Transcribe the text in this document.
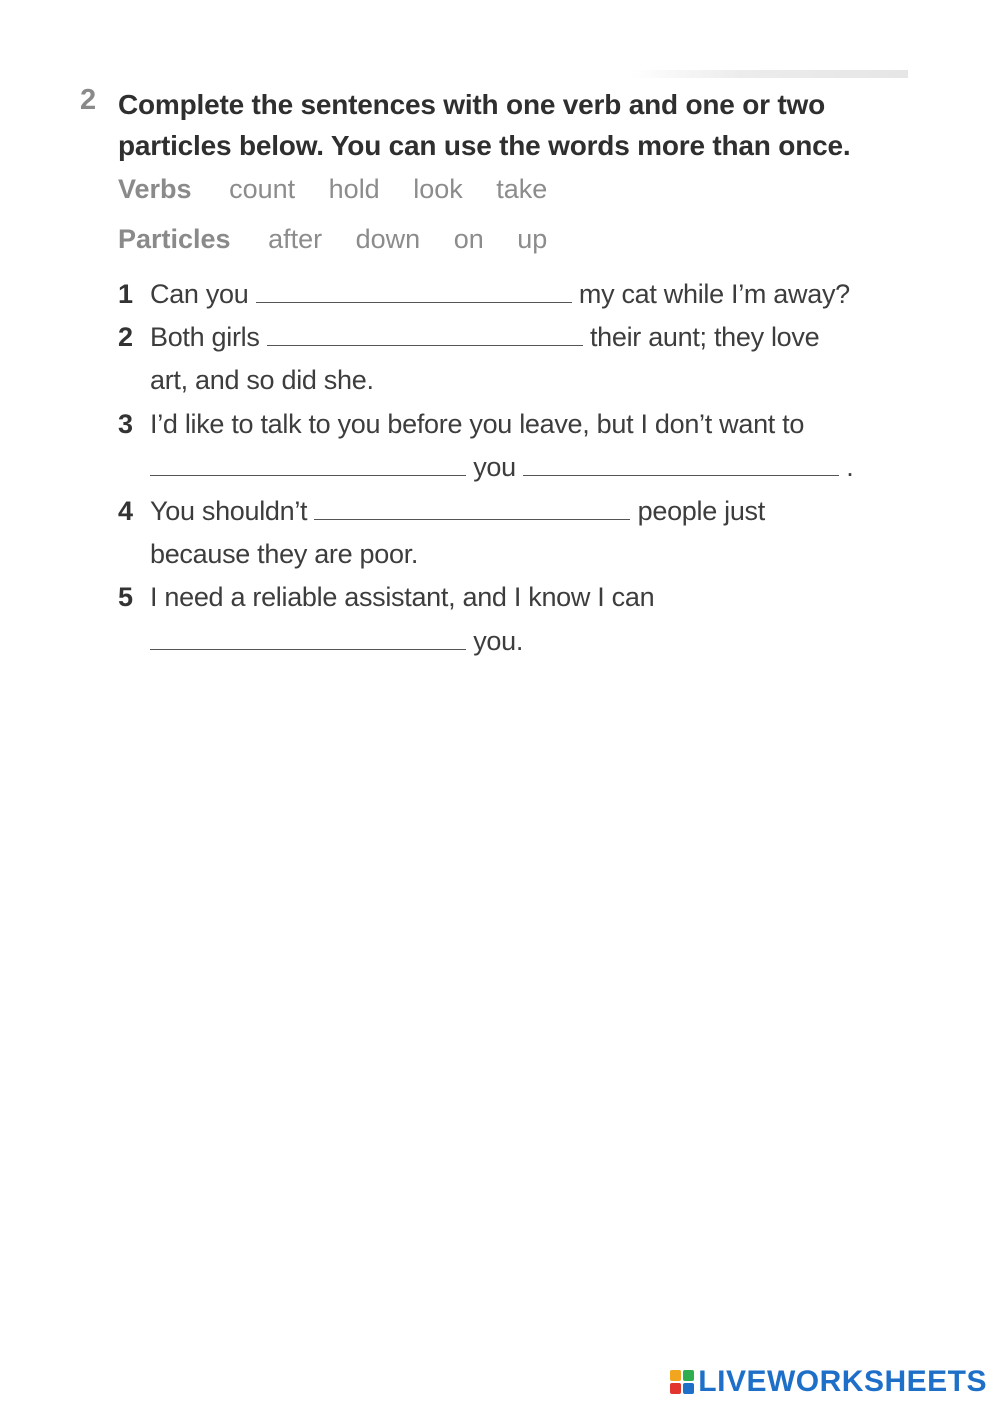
2 Complete the sentences with one verb and one or two particles below. You can use the words more than once.
Verbs count hold look take
Particles after down on up
1 Can you	my cat while I’m away?
2 Both girls	their aunt; they love
art, and so did she.
3 I’d like to talk to you before you leave, but I don’t want to
you	.
4 You shouldn’t	people just
because they are poor.
5 I need a reliable assistant, and I know I can
you.
LIVEWORKSHEETS
